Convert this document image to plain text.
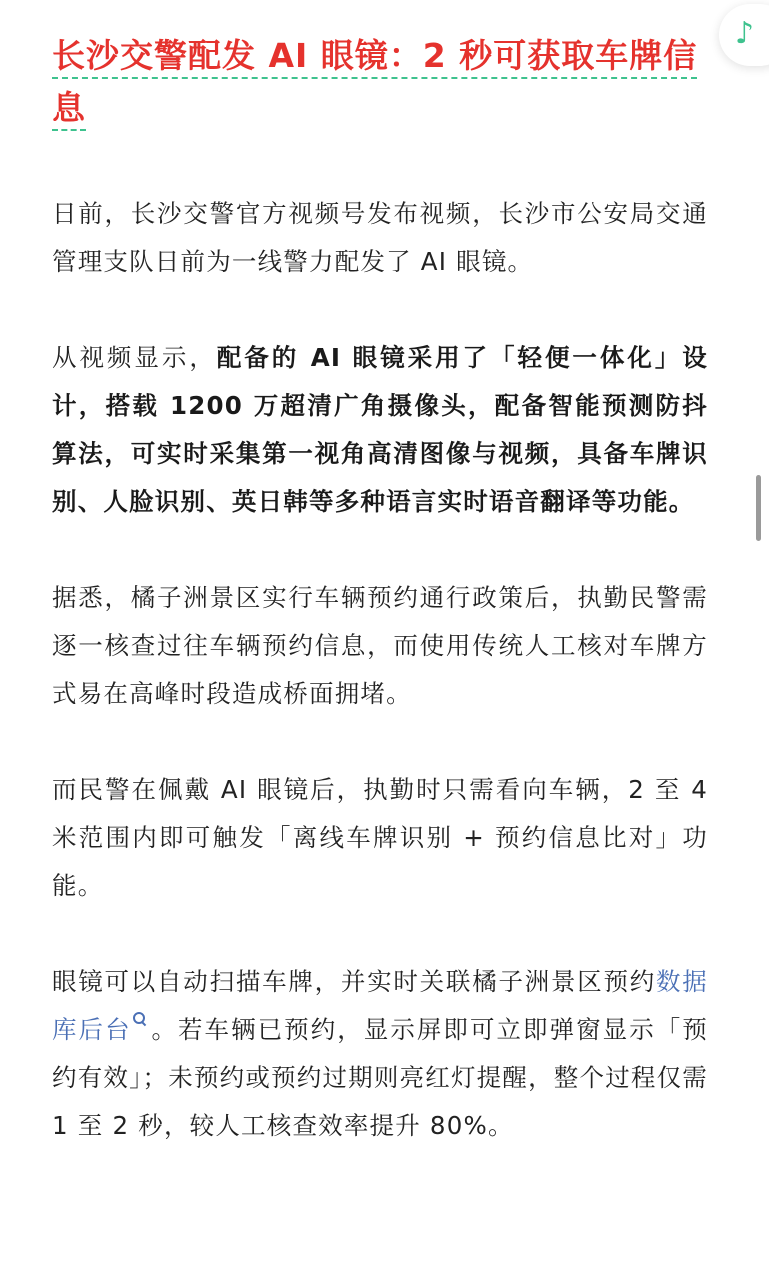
长沙交警配发 AI 眼镜：2 秒可获取车牌信息

日前，长沙交警官方视频号发布视频，长沙市公安局交通管理支队日前为一线警力配发了 AI 眼镜。

从视频显示，配备的 AI 眼镜采用了「轻便一体化」设计，搭载 1200 万超清广角摄像头，配备智能预测防抖算法，可实时采集第一视角高清图像与视频，具备车牌识别、人脸识别、英日韩等多种语言实时语音翻译等功能。

据悉，橘子洲景区实行车辆预约通行政策后，执勤民警需逐一核查过往车辆预约信息，而使用传统人工核对车牌方式易在高峰时段造成桥面拥堵。

而民警在佩戴 AI 眼镜后，执勤时只需看向车辆，2 至 4 米范围内即可触发「离线车牌识别 + 预约信息比对」功能。

眼镜可以自动扫描车牌，并实时关联橘子洲景区预约数据库后台 。若车辆已预约，显示屏即可立即弹窗显示「预约有效」；未预约或预约过期则亮红灯提醒，整个过程仅需 1 至 2 秒，较人工核查效率提升 80%。

♪
